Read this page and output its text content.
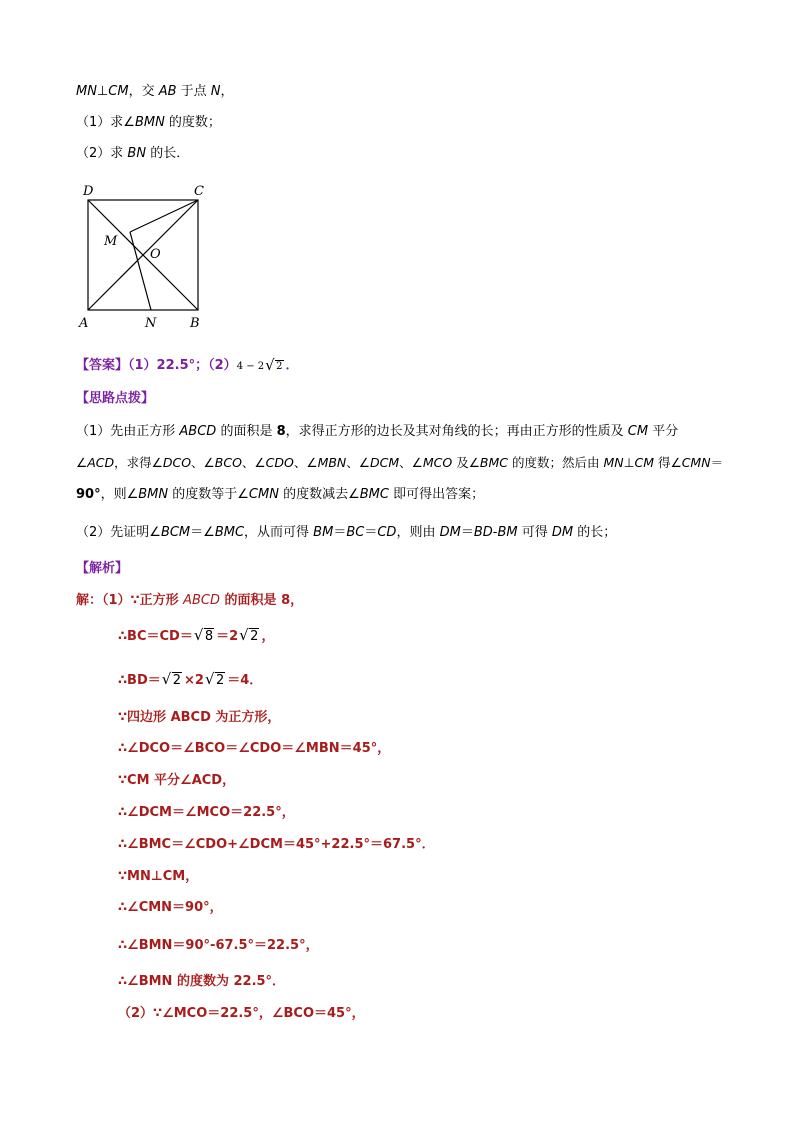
MN⊥CM，交 AB 于点 N，
（1）求∠BMN 的度数；
（2）求 BN 的长．
D	C
M
O
A	N	B
【答案】（1）22.5°；（2）4 − 2 √ 2 ．
【思路点拨】
（1）先由正方形 ABCD 的面积是 8，求得正方形的边长及其对角线的长；再由正方形的性质及 CM 平分
∠ACD，求得∠DCO、∠BCO、∠CDO、∠MBN、∠DCM、∠MCO 及∠BMC 的度数；然后由 MN⊥CM 得∠CMN＝
90°，则∠BMN 的度数等于∠CMN 的度数减去∠BMC 即可得出答案；
（2）先证明∠BCM＝∠BMC，从而可得 BM＝BC＝CD，则由 DM＝BD-BM 可得 DM 的长；
【解析】
解：（1）∵正方形 ABCD 的面积是 8，
∴BC＝CD＝ √ 8 ＝2 √ 2 ，
∴BD＝ √ 2 ×2 √ 2 ＝4．
∵四边形 ABCD 为正方形，
∴∠DCO＝∠BCO＝∠CDO＝∠MBN＝45°，
∵CM 平分∠ACD，
∴∠DCM＝∠MCO＝22.5°，
∴∠BMC＝∠CDO+∠DCM＝45°+22.5°＝67.5°．
∵MN⊥CM，
∴∠CMN＝90°，
∴∠BMN＝90°-67.5°＝22.5°，
∴∠BMN 的度数为 22.5°．
（2）∵∠MCO＝22.5°，∠BCO＝45°，
